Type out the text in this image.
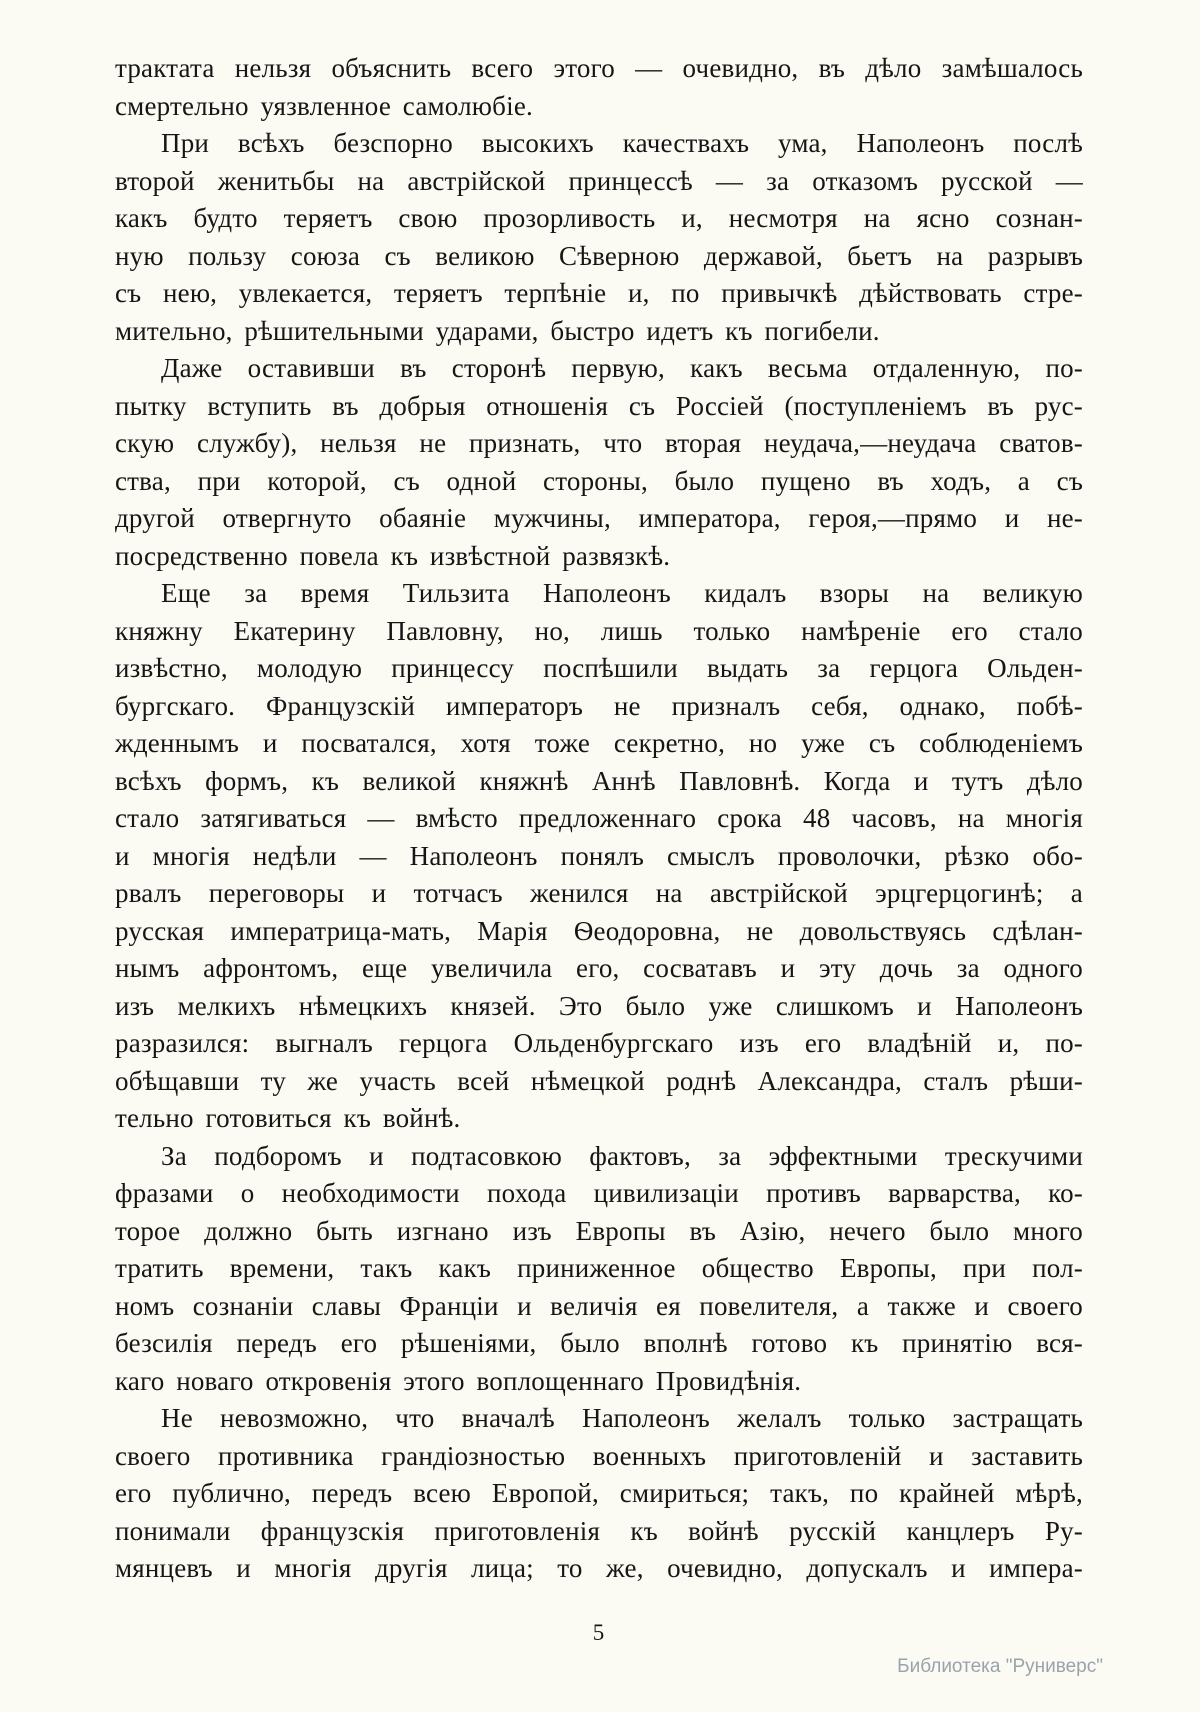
трактата нельзя объяснить всего этого — очевидно, въ дѣло замѣшалось
смертельно уязвленное самолюбіе.
При всѣхъ безспорно высокихъ качествахъ ума, Наполеонъ послѣ
второй женитьбы на австрійской принцессѣ — за отказомъ русской —
какъ будто теряетъ свою прозорливость и, несмотря на ясно сознан-
ную пользу союза съ великою Сѣверною державой, бьетъ на разрывъ
съ нею, увлекается, теряетъ терпѣніе и, по привычкѣ дѣйствовать стре-
мительно, рѣшительными ударами, быстро идетъ къ погибели.
Даже оставивши въ сторонѣ первую, какъ весьма отдаленную, по-
пытку вступить въ добрыя отношенія съ Россіей (поступленіемъ въ рус-
скую службу), нельзя не признать, что вторая неудача,—неудача сватов-
ства, при которой, съ одной стороны, было пущено въ ходъ, а съ
другой отвергнуто обаяніе мужчины, императора, героя,—прямо и не-
посредственно повела къ извѣстной развязкѣ.
Еще за время Тильзита Наполеонъ кидалъ взоры на великую
княжну Екатерину Павловну, но, лишь только намѣреніе его стало
извѣстно, молодую принцессу поспѣшили выдать за герцога Ольден-
бургскаго. Французскій императоръ не призналъ себя, однако, побѣ-
жденнымъ и посватался, хотя тоже секретно, но уже съ соблюденіемъ
всѣхъ формъ, къ великой княжнѣ Аннѣ Павловнѣ. Когда и тутъ дѣло
стало затягиваться — вмѣсто предложеннаго срока 48 часовъ, на многія
и многія недѣли — Наполеонъ понялъ смыслъ проволочки, рѣзко обо-
рвалъ переговоры и тотчасъ женился на австрійской эрцгерцогинѣ; а
русская императрица-мать, Марія Ѳеодоровна, не довольствуясь сдѣлан-
нымъ афронтомъ, еще увеличила его, сосватавъ и эту дочь за одного
изъ мелкихъ нѣмецкихъ князей. Это было уже слишкомъ и Наполеонъ
разразился: выгналъ герцога Ольденбургскаго изъ его владѣній и, по-
обѣщавши ту же участь всей нѣмецкой роднѣ Александра, сталъ рѣши-
тельно готовиться къ войнѣ.
За подборомъ и подтасовкою фактовъ, за эффектными трескучими
фразами о необходимости похода цивилизаціи противъ варварства, ко-
торое должно быть изгнано изъ Европы въ Азію, нечего было много
тратить времени, такъ какъ приниженное общество Европы, при пол-
номъ сознаніи славы Франціи и величія ея повелителя, а также и своего
безсилія передъ его рѣшеніями, было вполнѣ готово къ принятію вся-
каго новаго откровенія этого воплощеннаго Провидѣнія.
Не невозможно, что вначалѣ Наполеонъ желалъ только застращать
своего противника грандіозностью военныхъ приготовленій и заставить
его публично, передъ всею Европой, смириться; такъ, по крайней мѣрѣ,
понимали французскія приготовленія къ войнѣ русскій канцлеръ Ру-
мянцевъ и многія другія лица; то же, очевидно, допускалъ и импера-
5
Библиотека "Руниверс"
